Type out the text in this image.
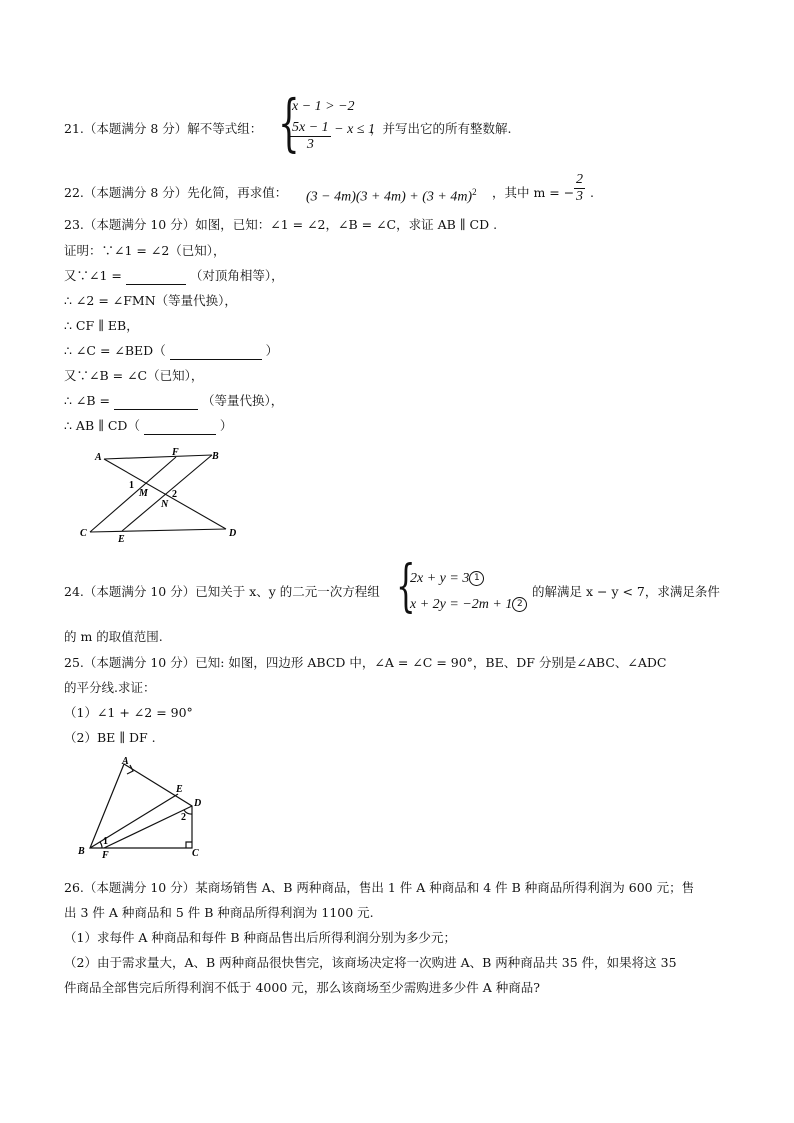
21.（本题满分 8 分）解不等式组： {
x − 1 > −2
$\frac{5x - 1}{3} - x \le 1$
，并写出它的所有整数解.
22.（本题满分 8 分）先化简，再求值： $(3 - 4m)(3 + 4m) + (3 + 4m)^2$ ，其中 m = − $\frac{2}{3}$ .
23.（本题满分 10 分）如图，已知：∠1 = ∠2，∠B = ∠C，求证 AB ∥ CD .
证明：∵∠1 = ∠2（已知），
又∵∠1 =	（对顶角相等），
∴ ∠2 = ∠FMN（等量代换），
∴ CF ∥ EB，
∴ ∠C = ∠BED（	）
又∵∠B = ∠C（已知），
∴ ∠B =	（等量代换），
∴ AB ∥ CD（	）
A	F	B
1
M 2
N
C
E
D
24.（本题满分 10 分）已知关于 x、y 的二元一次方程组 {
2x + y = 3 1
x + 2y = −2m + 1 2
的解满足 x − y < 7，求满足条件
的 m 的取值范围.
25.（本题满分 10 分）已知: 如图，四边形 ABCD 中，∠A = ∠C = 90°，BE、DF 分别是∠ABC、∠ADC
的平分线.求证：
（1）∠1 + ∠2 = 90°
（2）BE ∥ DF .
A
E
D
2
1
B F	C
26.（本题满分 10 分）某商场销售 A、B 两种商品，售出 1 件 A 种商品和 4 件 B 种商品所得利润为 600 元；售
出 3 件 A 种商品和 5 件 B 种商品所得利润为 1100 元.
（1）求每件 A 种商品和每件 B 种商品售出后所得利润分别为多少元；
（2）由于需求量大，A、B 两种商品很快售完，该商场决定将一次购进 A、B 两种商品共 35 件，如果将这 35
件商品全部售完后所得利润不低于 4000 元，那么该商场至少需购进多少件 A 种商品?
